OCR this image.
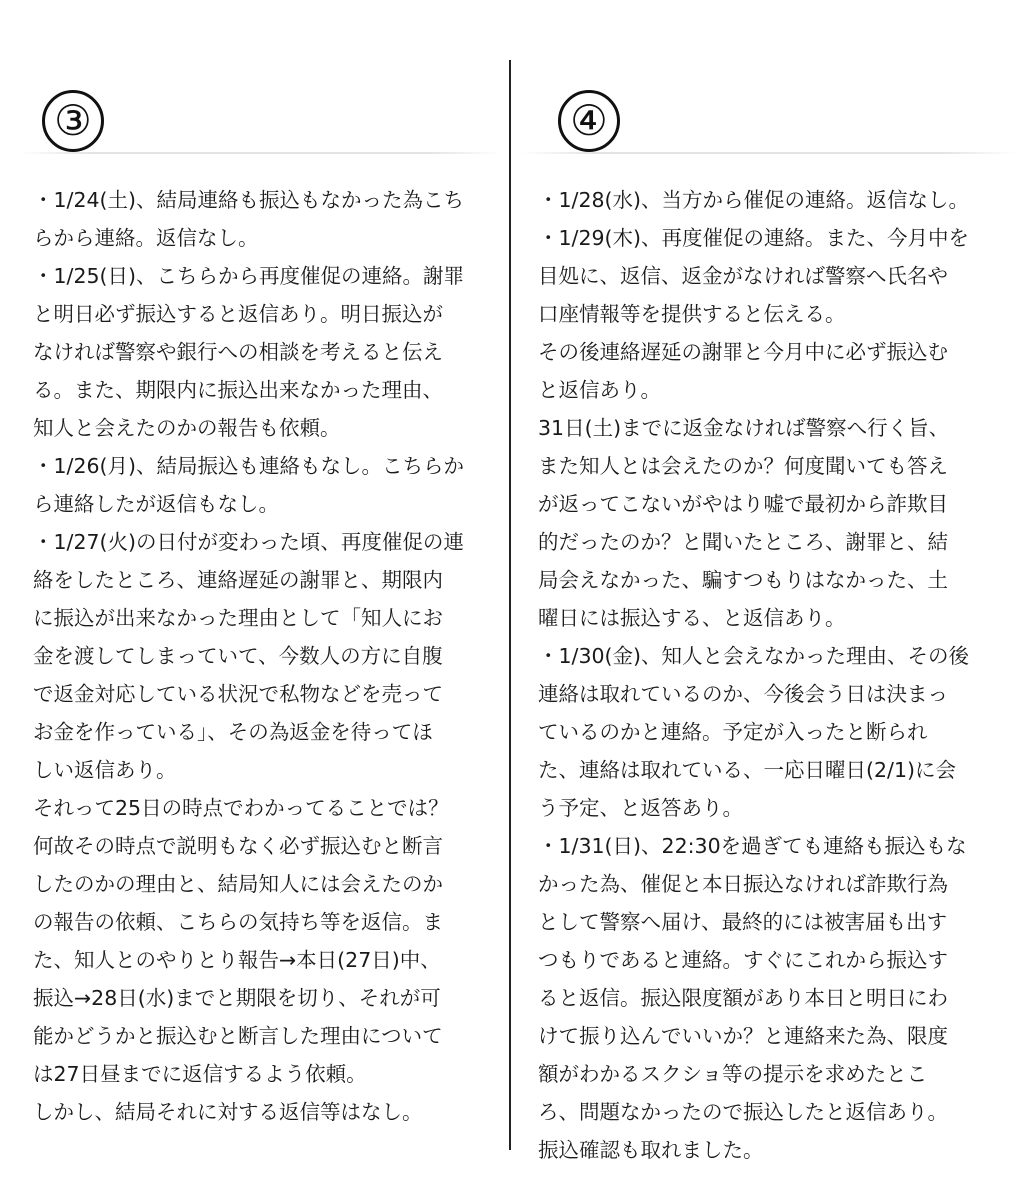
③
・1/24(土)、結局連絡も振込もなかった為こち
らから連絡。返信なし。
・1/25(日)、こちらから再度催促の連絡。謝罪
と明日必ず振込すると返信あり。明日振込が
なければ警察や銀行への相談を考えると伝え
る。また、期限内に振込出来なかった理由、
知人と会えたのかの報告も依頼。
・1/26(月)、結局振込も連絡もなし。こちらか
ら連絡したが返信もなし。
・1/27(火)の日付が変わった頃、再度催促の連
絡をしたところ、連絡遅延の謝罪と、期限内
に振込が出来なかった理由として「知人にお
金を渡してしまっていて、今数人の方に自腹
で返金対応している状況で私物などを売って
お金を作っている」、その為返金を待ってほ
しい返信あり。
それって25日の時点でわかってることでは？
何故その時点で説明もなく必ず振込むと断言
したのかの理由と、結局知人には会えたのか
の報告の依頼、こちらの気持ち等を返信。ま
た、知人とのやりとり報告→本日(27日)中、
振込→28日(水)までと期限を切り、それが可
能かどうかと振込むと断言した理由について
は27日昼までに返信するよう依頼。
しかし、結局それに対する返信等はなし。
④
・1/28(水)、当方から催促の連絡。返信なし。
・1/29(木)、再度催促の連絡。また、今月中を
目処に、返信、返金がなければ警察へ氏名や
口座情報等を提供すると伝える。
その後連絡遅延の謝罪と今月中に必ず振込む
と返信あり。
31日(土)までに返金なければ警察へ行く旨、
また知人とは会えたのか？何度聞いても答え
が返ってこないがやはり嘘で最初から詐欺目
的だったのか？と聞いたところ、謝罪と、結
局会えなかった、騙すつもりはなかった、土
曜日には振込する、と返信あり。
・1/30(金)、知人と会えなかった理由、その後
連絡は取れているのか、今後会う日は決まっ
ているのかと連絡。予定が入ったと断られ
た、連絡は取れている、一応日曜日(2/1)に会
う予定、と返答あり。
・1/31(日)、22:30を過ぎても連絡も振込もな
かった為、催促と本日振込なければ詐欺行為
として警察へ届け、最終的には被害届も出す
つもりであると連絡。すぐにこれから振込す
ると返信。振込限度額があり本日と明日にわ
けて振り込んでいいか？と連絡来た為、限度
額がわかるスクショ等の提示を求めたとこ
ろ、問題なかったので振込したと返信あり。
振込確認も取れました。
